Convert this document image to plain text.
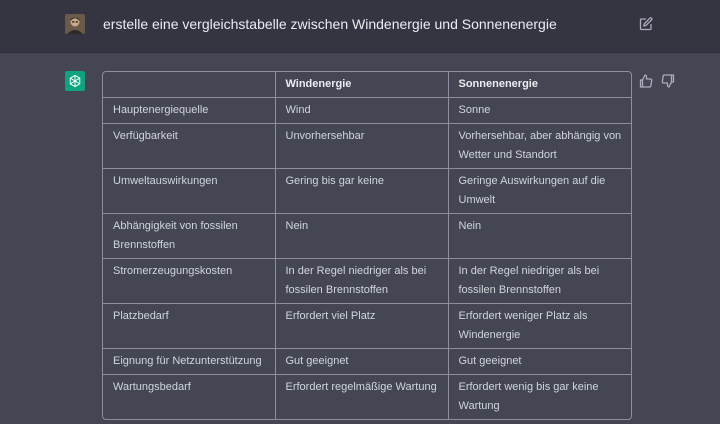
erstelle eine vergleichstabelle zwischen Windenergie und Sonnenenergie
	Windenergie	Sonnenenergie
Hauptenergiequelle	Wind	Sonne
Verfügbarkeit	Unvorhersehbar	Vorhersehbar, aber abhängig von Wetter und Standort
Umweltauswirkungen	Gering bis gar keine	Geringe Auswirkungen auf die Umwelt
Abhängigkeit von fossilen Brennstoffen	Nein	Nein
Stromerzeugungskosten	In der Regel niedriger als bei fossilen Brennstoffen	In der Regel niedriger als bei fossilen Brennstoffen
Platzbedarf	Erfordert viel Platz	Erfordert weniger Platz als Windenergie
Eignung für Netzunterstützung	Gut geeignet	Gut geeignet
Wartungsbedarf	Erfordert regelmäßige Wartung	Erfordert wenig bis gar keine Wartung
